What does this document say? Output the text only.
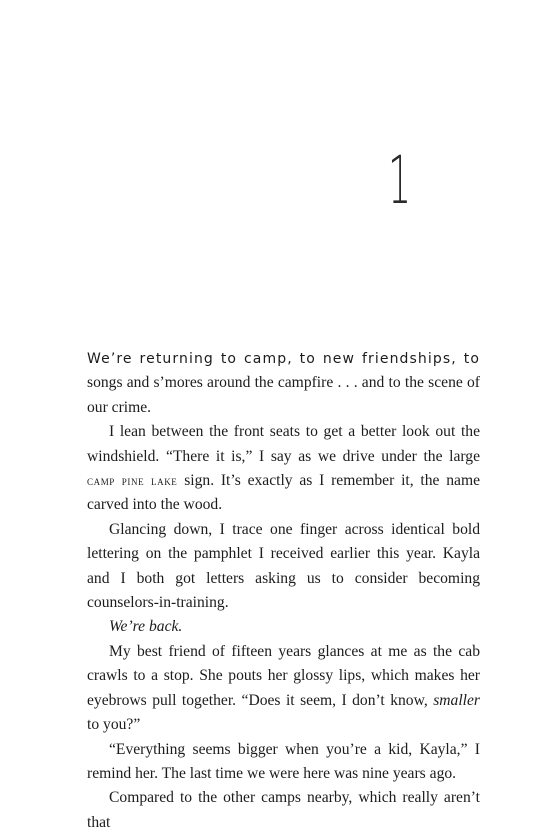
1

We’re returning to camp, to new friendships, to songs and s’mores around the campfire . . . and to the scene of our crime.

I lean between the front seats to get a better look out the windshield. “There it is,” I say as we drive under the large camp pine lake sign. It’s exactly as I remember it, the name carved into the wood.

Glancing down, I trace one finger across identical bold lettering on the pamphlet I received earlier this year. Kayla and I both got letters asking us to consider becoming counselors-in-training.

We’re back.

My best friend of fifteen years glances at me as the cab crawls to a stop. She pouts her glossy lips, which makes her eyebrows pull together. “Does it seem, I don’t know, smaller to you?”

“Everything seems bigger when you’re a kid, Kayla,” I remind her. The last time we were here was nine years ago.

Compared to the other camps nearby, which really aren’t that
